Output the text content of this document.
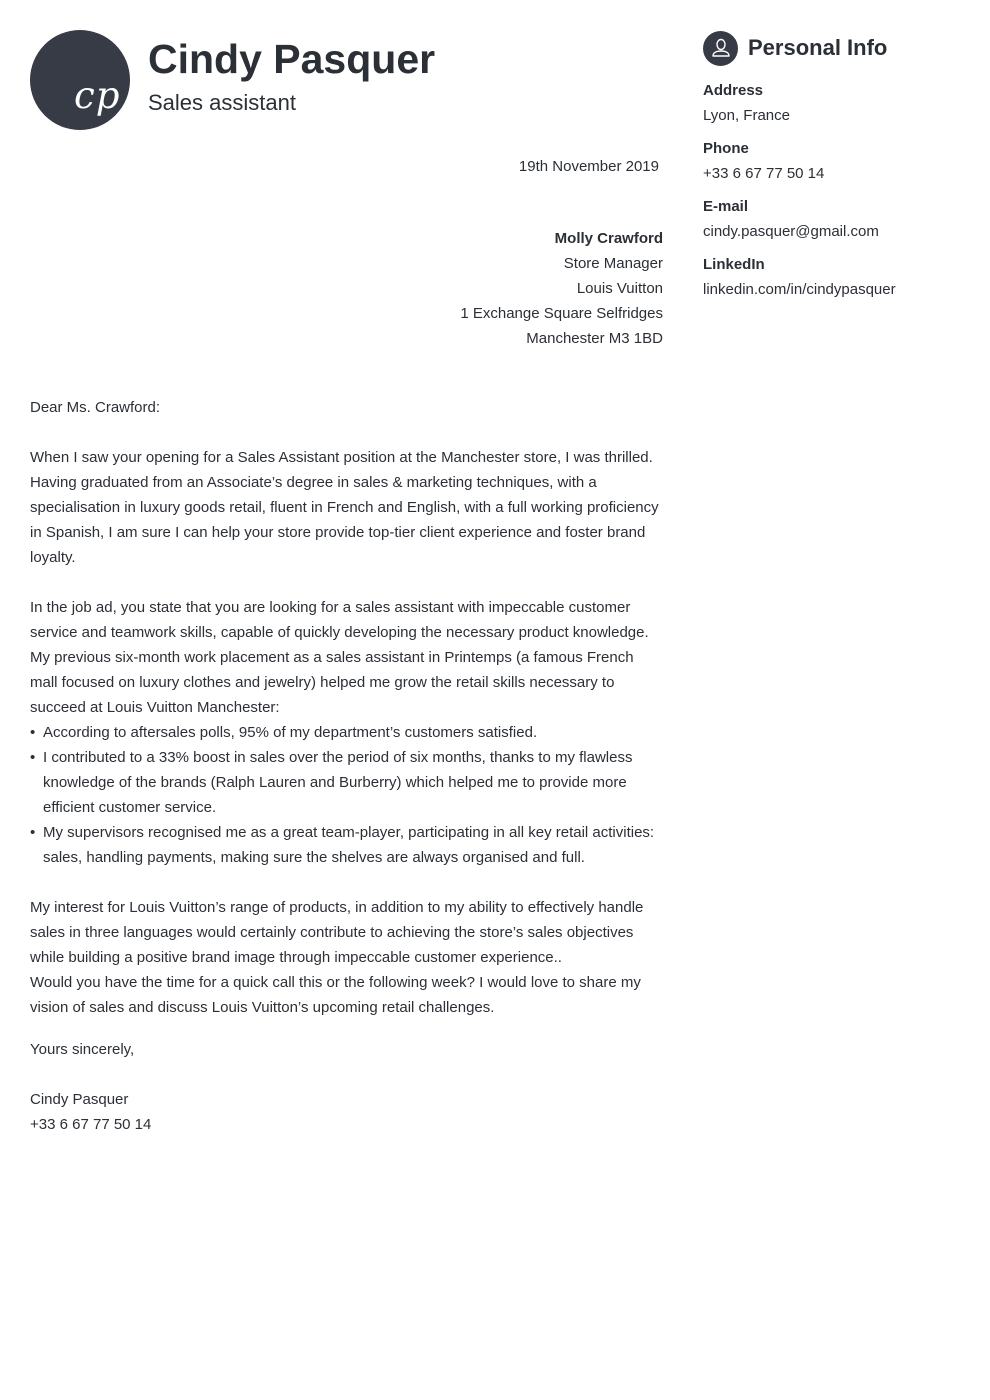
cp
Cindy Pasquer
Sales assistant
19th November 2019
Molly Crawford
Store Manager
Louis Vuitton
1 Exchange Square Selfridges
Manchester M3 1BD

Dear Ms. Crawford:

When I saw your opening for a Sales Assistant position at the Manchester store, I was thrilled. Having graduated from an Associate’s degree in sales & marketing techniques, with a specialisation in luxury goods retail, fluent in French and English, with a full working proficiency in Spanish, I am sure I can help your store provide top-tier client experience and foster brand loyalty.

In the job ad, you state that you are looking for a sales assistant with impeccable customer service and teamwork skills, capable of quickly developing the necessary product knowledge. My previous six-month work placement as a sales assistant in Printemps (a famous French mall focused on luxury clothes and jewelry) helped me grow the retail skills necessary to succeed at Louis Vuitton Manchester:

• According to aftersales polls, 95% of my department’s customers satisfied.
• I contributed to a 33% boost in sales over the period of six months, thanks to my flawless knowledge of the brands (Ralph Lauren and Burberry) which helped me to provide more efficient customer service.
• My supervisors recognised me as a great team-player, participating in all key retail activities: sales, handling payments, making sure the shelves are always organised and full.

My interest for Louis Vuitton’s range of products, in addition to my ability to effectively handle sales in three languages would certainly contribute to achieving the store’s sales objectives while building a positive brand image through impeccable customer experience..

Would you have the time for a quick call this or the following week? I would love to share my vision of sales and discuss Louis Vuitton’s upcoming retail challenges.

Yours sincerely,

Cindy Pasquer

+33 6 67 77 50 14

Personal Info
Address
Lyon, France
Phone
+33 6 67 77 50 14
E-mail
cindy.pasquer@gmail.com
LinkedIn
linkedin.com/in/cindypasquer
